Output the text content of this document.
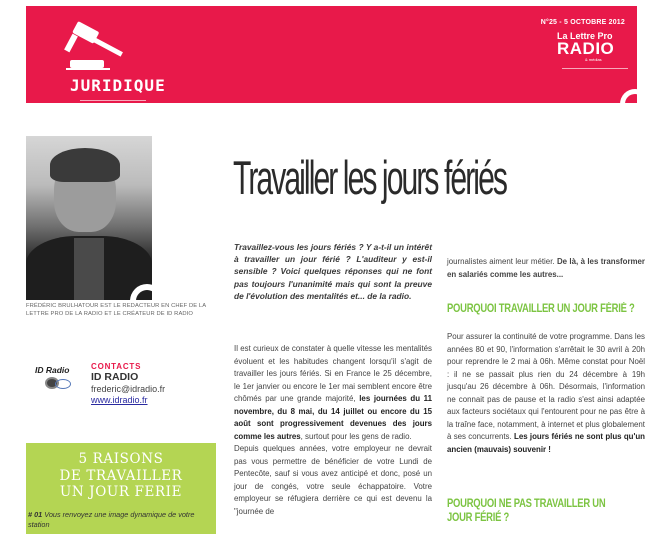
JURIDIQUE
N°25 - 5 OCTOBRE 2012
La Lettre Pro
RADIO
& médias
FRÉDÉRIC BRULHATOUR EST LE REDACTEUR EN CHEF DE LA LETTRE PRO DE LA RADIO ET LE CRÉATEUR DE ID RADIO
ID Radio	CONTACTS
ID RADIO
frederic@idradio.fr
www.idradio.fr
5 RAISONS
DE TRAVAILLER
UN JOUR FERIE
# 01 Vous renvoyez une image dynamique de votre station
Travailler les jours fériés
Travaillez-vous les jours fériés ? Y a-t-il un intérêt à travailler un jour férié ? L'auditeur y est-il sensible ? Voici quelques réponses qui ne font pas toujours l'unanimité mais qui sont la preuve de l'évolution des mentalités et... de la radio.

Il est curieux de constater à quelle vitesse les mentalités évoluent et les habitudes changent lorsqu'il s'agit de travailler les jours fériés. Si en France le 25 décembre, le 1er janvier ou encore le 1er mai semblent encore être chômés par une grande majorité, les journées du 11 novembre, du 8 mai, du 14 juillet ou encore du 15 août sont progressivement devenues des jours comme les autres, surtout pour les gens de radio.

Depuis quelques années, votre employeur ne devrait pas vous permettre de bénéficier de votre Lundi de Pentecôte, sauf si vous avez anticipé et donc, posé un jour de congés, votre seule échappatoire. Votre employeur se réfugiera derrière ce qui est devenu la "journée de

journalistes aiment leur métier. De là, à les transformer en salariés comme les autres...
POURQUOI TRAVAILLER UN JOUR FÉRIÉ ?
Pour assurer la continuité de votre programme. Dans les années 80 et 90, l'information s'arrêtait le 30 avril à 20h pour reprendre le 2 mai à 06h. Même constat pour Noël : il ne se passait plus rien du 24 décembre à 19h jusqu'au 26 décembre à 06h. Désormais, l'information ne connait pas de pause et la radio s'est ainsi adaptée aux facteurs sociétaux qui l'entourent pour ne pas être à la traîne face, notamment, à internet et plus globalement à ses concurrents. Les jours fériés ne sont plus qu'un ancien (mauvais) souvenir !
POURQUOI NE PAS TRAVAILLER UN JOUR FÉRIÉ ?
